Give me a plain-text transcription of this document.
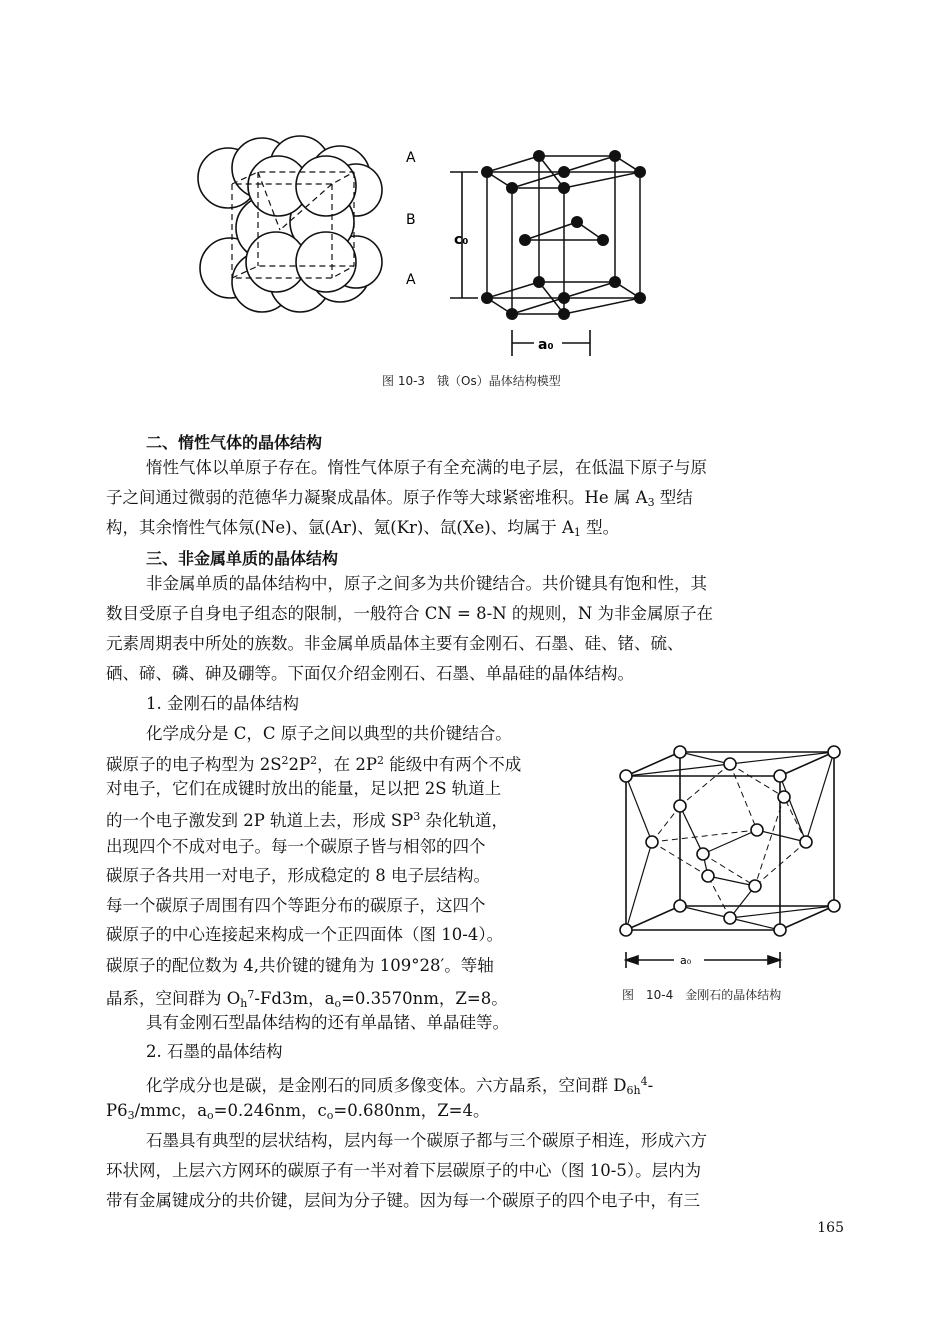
A
B
A
c₀
a₀
图 10-3　锇（Os）晶体结构模型
二、惰性气体的晶体结构
惰性气体以单原子存在。惰性气体原子有全充满的电子层，在低温下原子与原
子之间通过微弱的范德华力凝聚成晶体。原子作等大球紧密堆积。He 属 $A_3$ 型结
构，其余惰性气体氖(Ne)、氩(Ar)、氪(Kr)、氙(Xe)、均属于 $A_1$ 型。
三、非金属单质的晶体结构
非金属单质的晶体结构中，原子之间多为共价键结合。共价键具有饱和性，其
数目受原子自身电子组态的限制，一般符合 CN = 8-N 的规则，N 为非金属原子在
元素周期表中所处的族数。非金属单质晶体主要有金刚石、石墨、硅、锗、硫、
硒、碲、磷、砷及硼等。下面仅介绍金刚石、石墨、单晶硅的晶体结构。
1. 金刚石的晶体结构
化学成分是 C，C 原子之间以典型的共价键结合。
碳原子的电子构型为 $2S^22P^2$，在 $2P^2$ 能级中有两个不成
对电子，它们在成键时放出的能量，足以把 2S 轨道上
的一个电子激发到 2P 轨道上去，形成 $SP^3$ 杂化轨道，
出现四个不成对电子。每一个碳原子皆与相邻的四个
碳原子各共用一对电子，形成稳定的 8 电子层结构。
每一个碳原子周围有四个等距分布的碳原子，这四个
碳原子的中心连接起来构成一个正四面体（图 10-4）。
碳原子的配位数为 4,共价键的键角为 109°28′。等轴
晶系，空间群为 $O_h^7-Fd3m$，$a_o=0.3570nm$，Z=8。
具有金刚石型晶体结构的还有单晶锗、单晶硅等。
a₀
图　10-4　金刚石的晶体结构
2. 石墨的晶体结构
化学成分也是碳，是金刚石的同质多像变体。六方晶系，空间群 $D_{6h}^4-$
$P6_3$/mmc，$a_o=0.246nm$，$c_o=0.680nm$，Z=4。
石墨具有典型的层状结构，层内每一个碳原子都与三个碳原子相连，形成六方
环状网，上层六方网环的碳原子有一半对着下层碳原子的中心（图 10-5）。层内为
带有金属键成分的共价键，层间为分子键。因为每一个碳原子的四个电子中，有三
165
